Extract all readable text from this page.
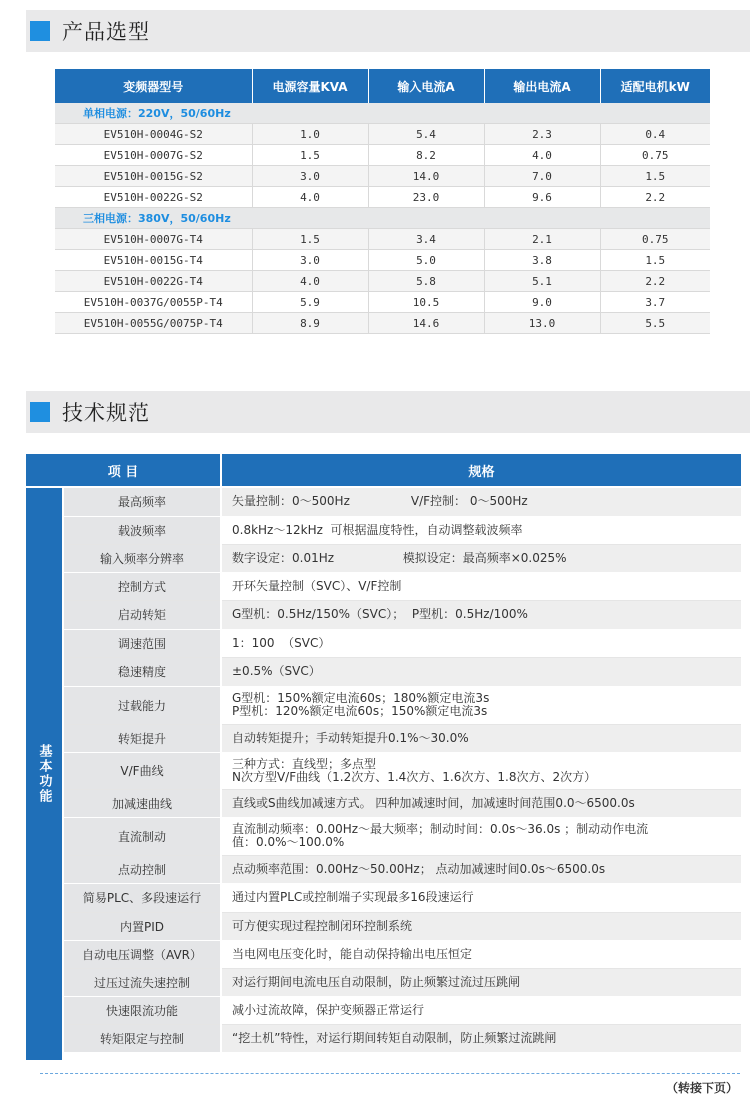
产品选型
变频器型号	电源容量KVA	输入电流A	输出电流A	适配电机kW
单相电源：220V，50/60Hz				
EV510H-0004G-S2	1.0	5.4	2.3	0.4
EV510H-0007G-S2	1.5	8.2	4.0	0.75
EV510H-0015G-S2	3.0	14.0	7.0	1.5
EV510H-0022G-S2	4.0	23.0	9.6	2.2
三相电源：380V，50/60Hz				
EV510H-0007G-T4	1.5	3.4	2.1	0.75
EV510H-0015G-T4	3.0	5.0	3.8	1.5
EV510H-0022G-T4	4.0	5.8	5.1	2.2
EV510H-0037G/0055P-T4	5.9	10.5	9.0	3.7
EV510H-0055G/0075P-T4	8.9	14.6	13.0	5.5
技术规范
项 目	规格
基本功能
最高频率	矢量控制：0～500Hz                V/F控制： 0～500Hz

载波频率	0.8kHz～12kHz  可根据温度特性，自动调整载波频率

输入频率分辨率	数字设定：0.01Hz                  模拟设定：最高频率×0.025%

控制方式	开环矢量控制（SVC）、V/F控制

启动转矩	G型机：0.5Hz/150%（SVC）；  P型机：0.5Hz/100%

调速范围	1：100  （SVC）

稳速精度	±0.5%（SVC）

过载能力	G型机：150%额定电流60s；180%额定电流3s
P型机：120%额定电流60s；150%额定电流3s

转矩提升	自动转矩提升；手动转矩提升0.1%～30.0%

V/F曲线	三种方式：直线型；多点型
N次方型V/F曲线（1.2次方、1.4次方、1.6次方、1.8次方、2次方）

加减速曲线	直线或S曲线加减速方式。 四种加减速时间，加减速时间范围0.0～6500.0s

直流制动	直流制动频率：0.00Hz～最大频率；制动时间：0.0s～36.0s ；制动动作电流
值：0.0%～100.0%

点动控制	点动频率范围：0.00Hz～50.00Hz； 点动加减速时间0.0s～6500.0s

简易PLC、多段速运行	通过内置PLC或控制端子实现最多16段速运行

内置PID	可方便实现过程控制闭环控制系统

自动电压调整（AVR）	当电网电压变化时，能自动保持输出电压恒定

过压过流失速控制	对运行期间电流电压自动限制，防止频繁过流过压跳闸

快速限流功能	减小过流故障，保护变频器正常运行

转矩限定与控制	“挖土机”特性，对运行期间转矩自动限制，防止频繁过流跳闸
（转接下页）
